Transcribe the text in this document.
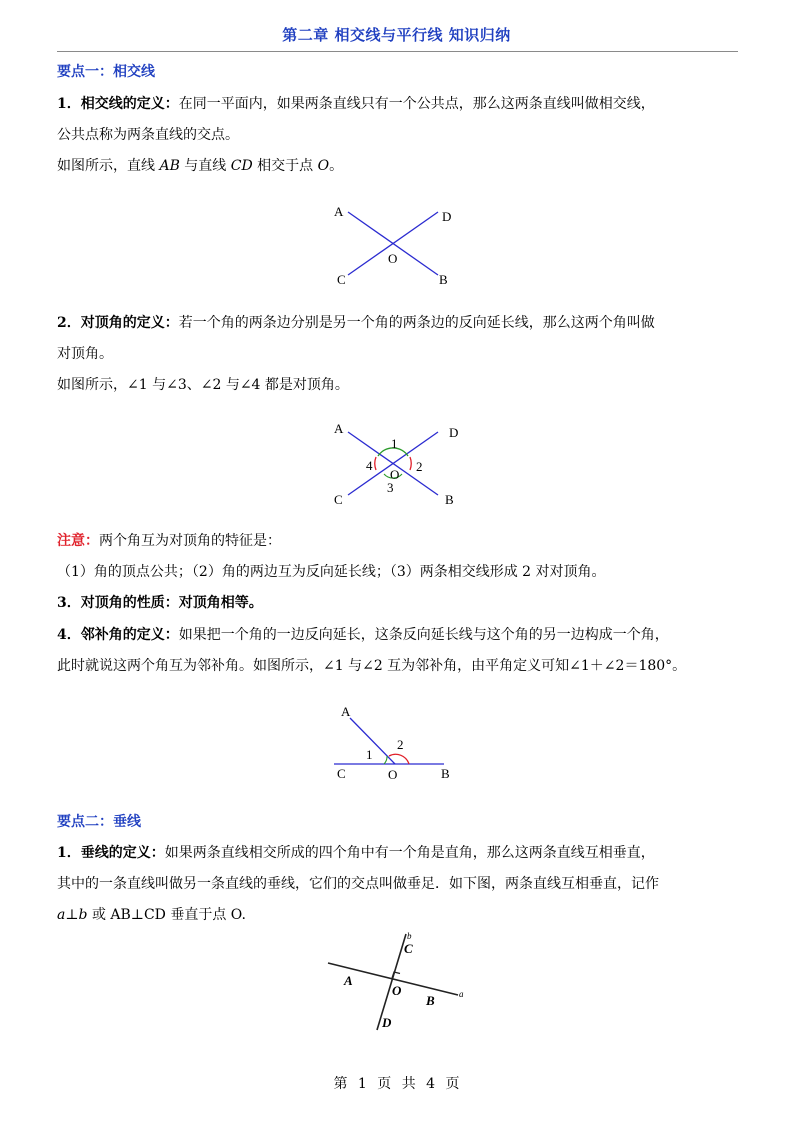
第二章 相交线与平行线 知识归纳
要点一：相交线
1．相交线的定义：在同一平面内，如果两条直线只有一个公共点，那么这两条直线叫做相交线，
公共点称为两条直线的交点。
如图所示，直线 AB 与直线 CD 相交于点 O。
A	D
C	B
O
2．对顶角的定义：若一个角的两条边分别是另一个角的两条边的反向延长线，那么这两个角叫做
对顶角。
如图所示，∠1 与∠3、∠2 与∠4 都是对顶角。
A	D
C	B
O
1
2
3
4
注意：两个角互为对顶角的特征是：
（1）角的顶点公共；（2）角的两边互为反向延长线；（3）两条相交线形成 2 对对顶角。
3．对顶角的性质：对顶角相等。
4．邻补角的定义：如果把一个角的一边反向延长，这条反向延长线与这个角的另一边构成一个角，
此时就说这两个角互为邻补角。如图所示，∠1 与∠2 互为邻补角，由平角定义可知∠1＋∠2＝180°。
A
C	O	B
1
2
要点二：垂线
1．垂线的定义：如果两条直线相交所成的四个角中有一个角是直角，那么这两条直线互相垂直，
其中的一条直线叫做另一条直线的垂线，它们的交点叫做垂足．如下图，两条直线互相垂直，记作
a⊥b 或 AB⊥CD 垂直于点 O.
b
a
C
A
O
B
D
第 1 页 共 4 页
